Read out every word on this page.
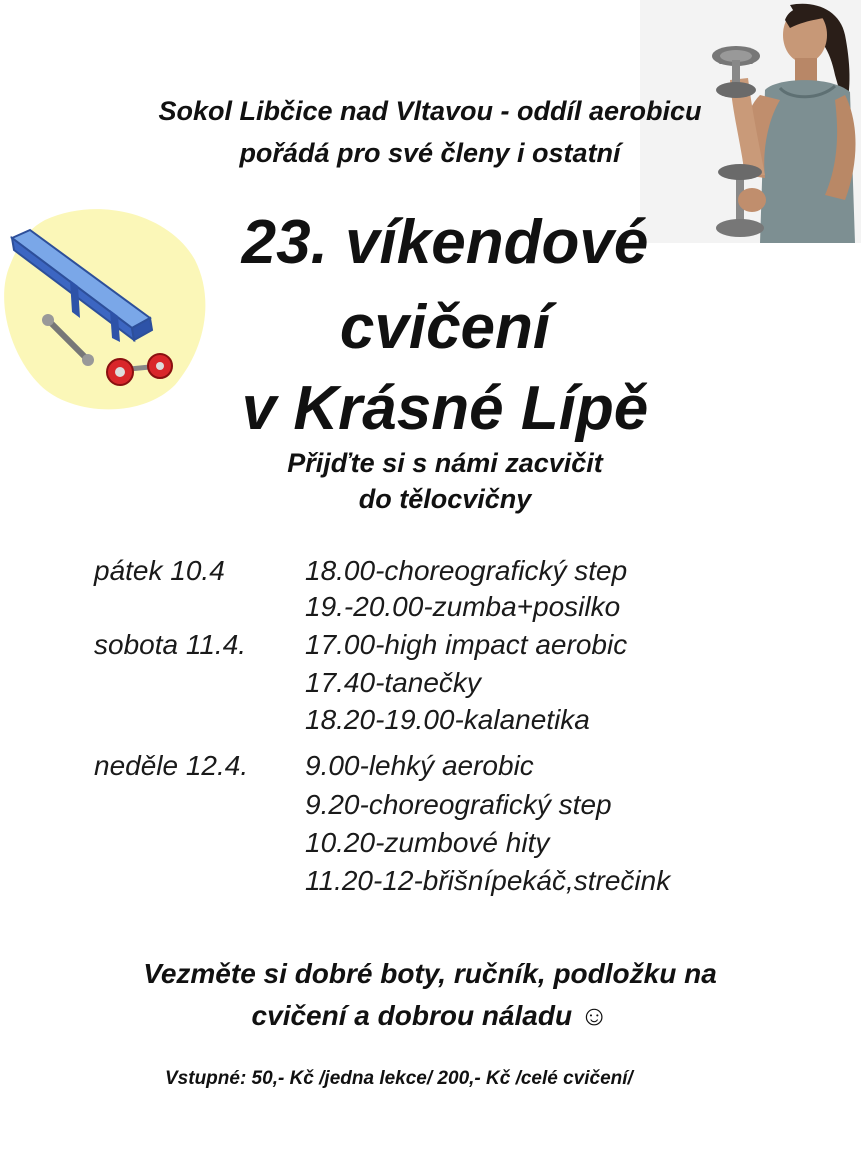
Sokol Libčice nad Vltavou - oddíl aerobicu
pořádá pro své členy i ostatní
23. víkendové
cvičení
v Krásné Lípě
Přijďte si s námi zacvičit
do tělocvičny
pátek 10.4	18.00-choreografický step
19.-20.00-zumba+posilko
sobota 11.4. 17.00-high impact aerobic
17.40-tanečky
18.20-19.00-kalanetika
neděle 12.4. 9.00-lehký aerobic
9.20-choreografický step
10.20-zumbové hity
11.20-12-břišnípekáč,strečink
Vezměte si dobré boty, ručník, podložku na
cvičení a dobrou náladu ☺
Vstupné: 50,- Kč /jedna lekce/ 200,- Kč /celé cvičení/
